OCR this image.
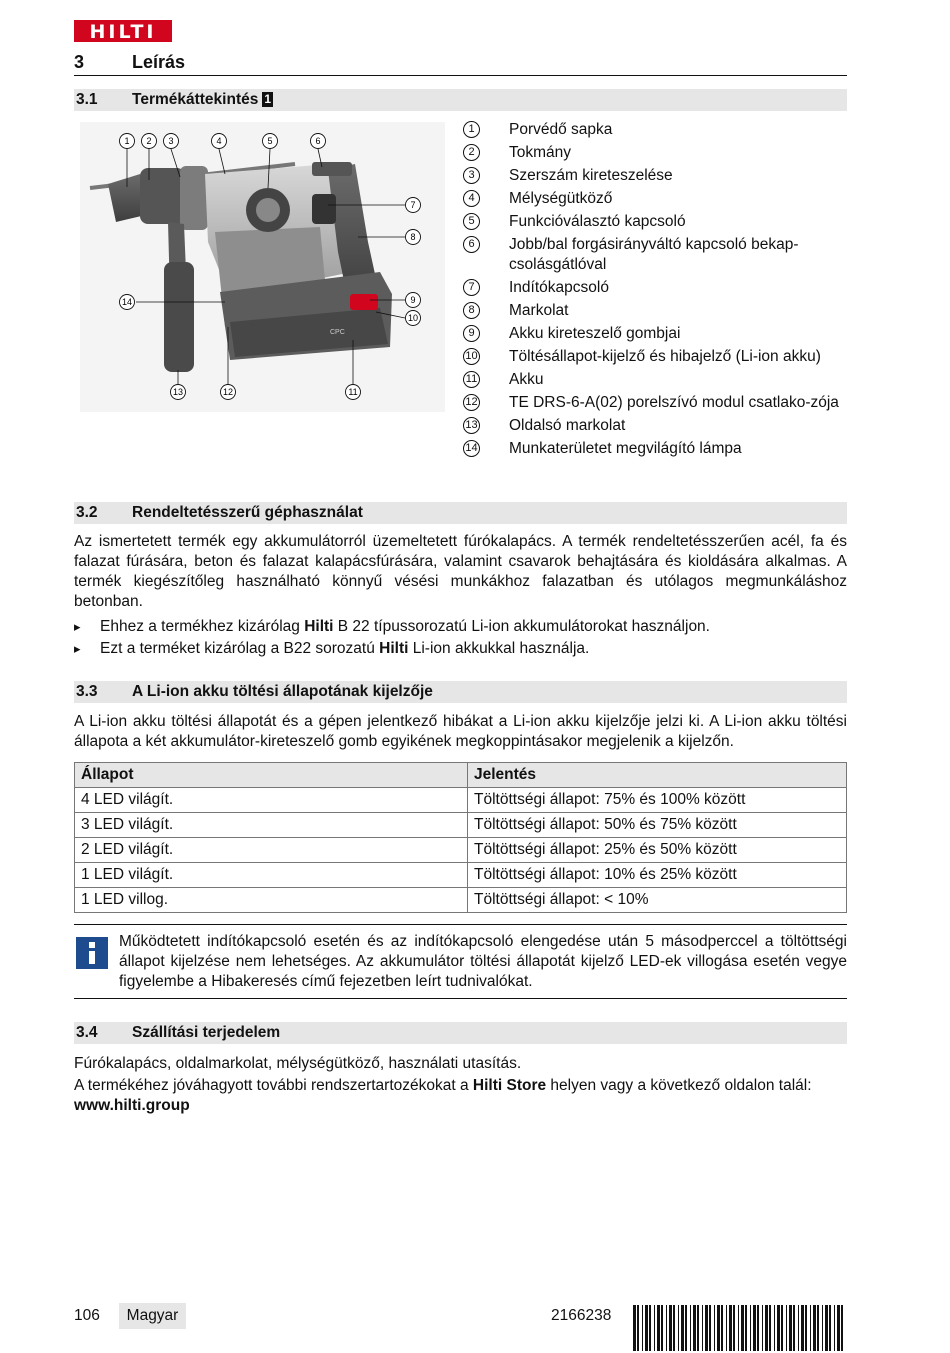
HILTI
3	Leírás
3.1 Termékáttekintés 1
CPC
1 2 3	4	5	6
7
8
9
10
11
12
13
14
1	Porvédő sapka
2	Tokmány
3	Szerszám kireteszelése
4	Mélységütköző
5	Funkcióválasztó kapcsoló
6	Jobb/bal forgásirányváltó kapcsoló bekap-csolásgátlóval
7	Indítókapcsoló
8	Markolat
9	Akku kireteszelő gombjai
10 Töltésállapot-kijelző és hibajelző (Li-ion akku)
11 Akku
12 TE DRS-6-A(02) porelszívó modul csatlako-zója
13 Oldalsó markolat
14 Munkaterületet megvilágító lámpa
3.2 Rendeltetésszerű géphasználat
Az ismertetett termék egy akkumulátorról üzemeltetett fúrókalapács. A termék rendeltetésszerűen acél, fa és falazat fúrására, beton és falazat kalapácsfúrására, valamint csavarok behajtására és kioldására alkalmas. A termék kiegészítőleg használható könnyű vésési munkákhoz falazatban és utólagos megmunkáláshoz betonban.
▸ Ehhez a termékhez kizárólag Hilti B 22 típussorozatú Li-ion akkumulátorokat használjon.
▸ Ezt a terméket kizárólag a B22 sorozatú Hilti Li-ion akkukkal használja.
3.3 A Li-ion akku töltési állapotának kijelzője
A Li-ion akku töltési állapotát és a gépen jelentkező hibákat a Li-ion akku kijelzője jelzi ki. A Li-ion akku töltési állapota a két akkumulátor-kireteszelő gomb egyikének megkoppintásakor megjelenik a kijelzőn.
Állapot	Jelentés
4 LED világít.	Töltöttségi állapot: 75% és 100% között
3 LED világít.	Töltöttségi állapot: 50% és 75% között
2 LED világít.	Töltöttségi állapot: 25% és 50% között
1 LED világít.	Töltöttségi állapot: 10% és 25% között
1 LED villog.	Töltöttségi állapot: < 10%
Működtetett indítókapcsoló esetén és az indítókapcsoló elengedése után 5 másodperccel a töltöttségi állapot kijelzése nem lehetséges. Az akkumulátor töltési állapotát kijelző LED-ek villogása esetén vegye figyelembe a Hibakeresés című fejezetben leírt tudnivalókat.
3.4 Szállítási terjedelem
Fúrókalapács, oldalmarkolat, mélységütköző, használati utasítás.
A termékéhez jóváhagyott további rendszertartozékokat a Hilti Store helyen vagy a következő oldalon talál:
www.hilti.group
106	Magyar	2166238
